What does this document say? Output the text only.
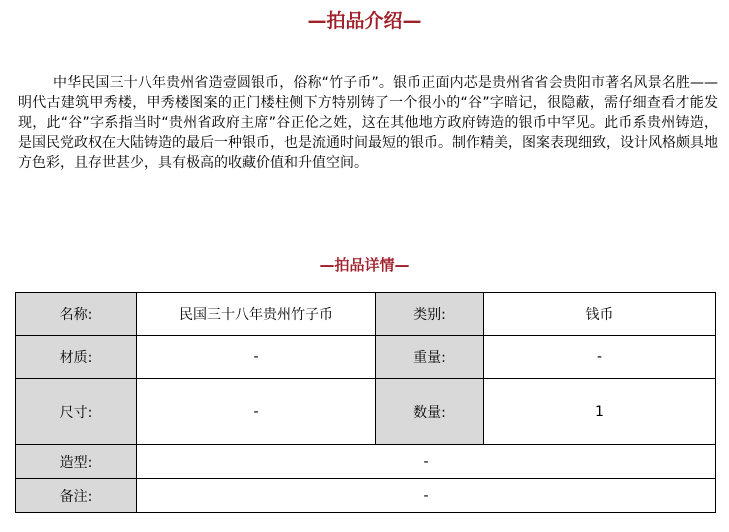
—拍品介绍—

中华民国三十八年贵州省造壹圆银币，俗称“竹子币”。银币正面内芯是贵州省省会贵阳市著名风景名胜——明代古建筑甲秀楼，甲秀楼图案的正门楼柱侧下方特别铸了一个很小的“谷”字暗记，很隐蔽，需仔细查看才能发现，此“谷”字系指当时“贵州省政府主席”谷正伦之姓，这在其他地方政府铸造的银币中罕见。此币系贵州铸造，是国民党政权在大陆铸造的最后一种银币，也是流通时间最短的银币。制作精美，图案表现细致，设计风格颇具地方色彩，且存世甚少，具有极高的收藏价值和升值空间。

—拍品详情—
名称:	民国三十八年贵州竹子币	类别:	钱币
材质:	-	重量:	-
尺寸:	-	数量:	1
造型:	-		
备注:	-		
